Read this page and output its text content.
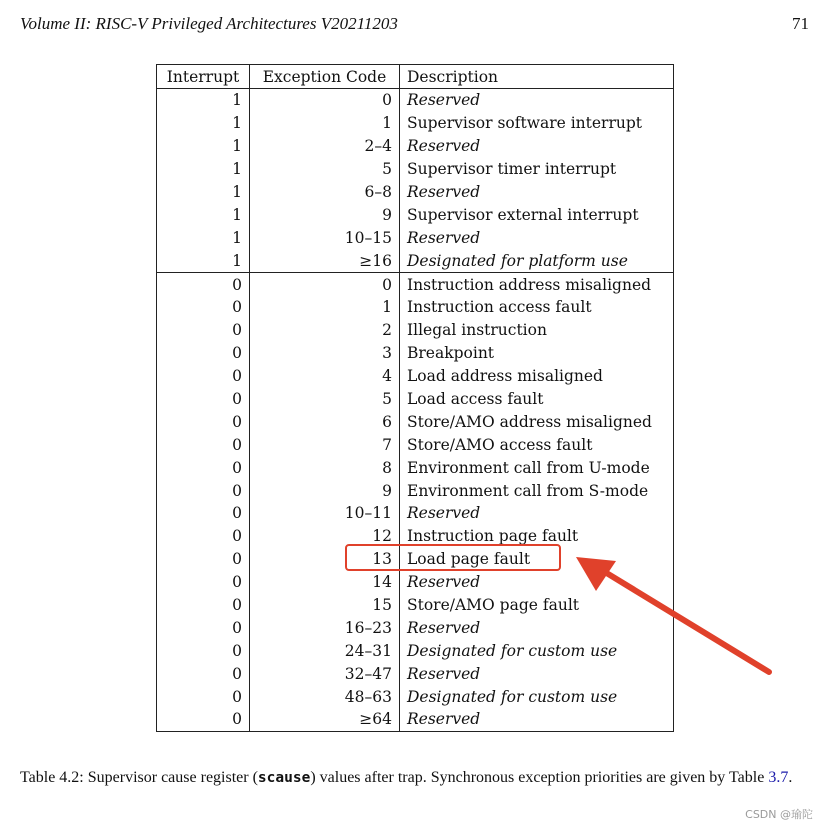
Volume II: RISC-V Privileged Architectures V20211203	71
Interrupt	Exception Code	Description
1	0	Reserved
1	1	Supervisor software interrupt
1	2–4	Reserved
1	5	Supervisor timer interrupt
1	6–8	Reserved
1	9	Supervisor external interrupt
1	10–15	Reserved
1	≥16	Designated for platform use
0	0	Instruction address misaligned
0	1	Instruction access fault
0	2	Illegal instruction
0	3	Breakpoint
0	4	Load address misaligned
0	5	Load access fault
0	6	Store/AMO address misaligned
0	7	Store/AMO access fault
0	8	Environment call from U-mode
0	9	Environment call from S-mode
0	10–11	Reserved
0	12	Instruction page fault
0	13	Load page fault
0	14	Reserved
0	15	Store/AMO page fault
0	16–23	Reserved
0	24–31	Designated for custom use
0	32–47	Reserved
0	48–63	Designated for custom use
0	≥64	Reserved
Table 4.2: Supervisor cause register (scause) values after trap. Synchronous exception priorities are given by Table 3.7.
CSDN @瑜陀
